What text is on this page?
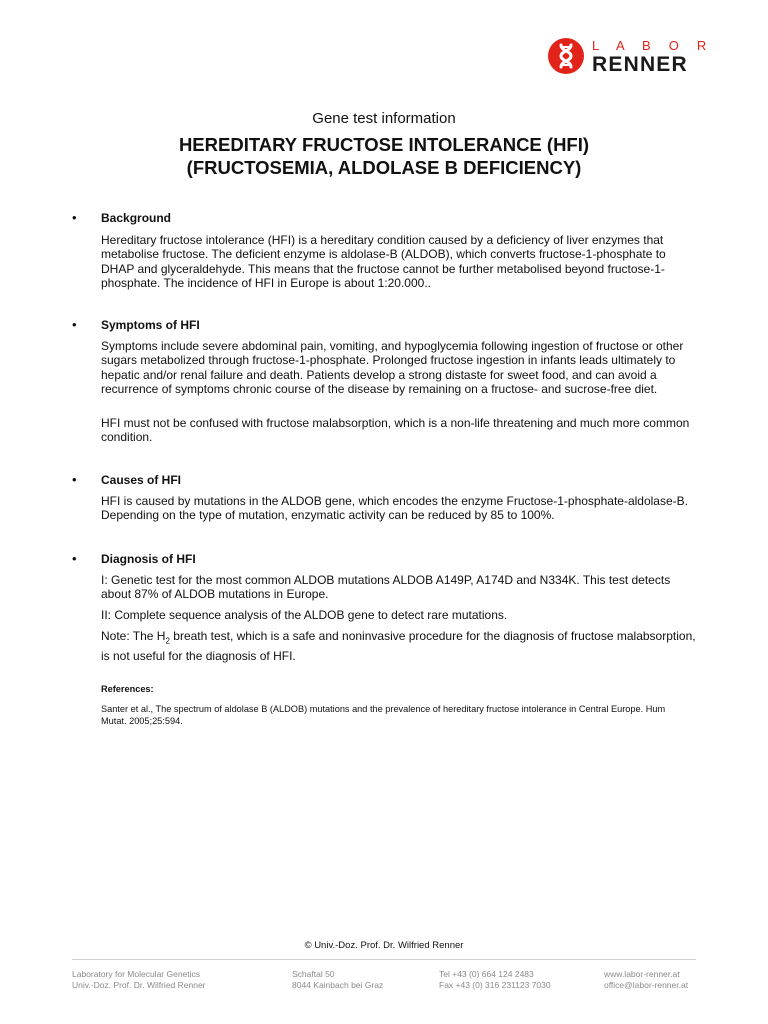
L A B O R
RENNER
Gene test information
HEREDITARY FRUCTOSE INTOLERANCE (HFI)
(FRUCTOSEMIA, ALDOLASE B DEFICIENCY)
• Background
Hereditary fructose intolerance (HFI) is a hereditary condition caused by a deficiency of liver enzymes that metabolise fructose. The deficient enzyme is aldolase-B (ALDOB), which converts fructose-1-phosphate to DHAP and glyceraldehyde. This means that the fructose cannot be further metabolised beyond fructose-1-phosphate. The incidence of HFI in Europe is about 1:20.000..
• Symptoms of HFI
Symptoms include severe abdominal pain, vomiting, and hypoglycemia following ingestion of fructose or other sugars metabolized through fructose-1-phosphate. Prolonged fructose ingestion in infants leads ultimately to hepatic and/or renal failure and death. Patients develop a strong distaste for sweet food, and can avoid a recurrence of symptoms chronic course of the disease by remaining on a fructose- and sucrose-free diet.
HFI must not be confused with fructose malabsorption, which is a non-life threatening and much more common condition.
• Causes of HFI
HFI is caused by mutations in the ALDOB gene, which encodes the enzyme Fructose-1-phosphate-aldolase-B. Depending on the type of mutation, enzymatic activity can be reduced by 85 to 100%.
• Diagnosis of HFI
I: Genetic test for the most common ALDOB mutations ALDOB A149P, A174D and N334K. This test detects about 87% of ALDOB mutations in Europe.
II: Complete sequence analysis of the ALDOB gene to detect rare mutations.
Note: The $H_2$ breath test, which is a safe and noninvasive procedure for the diagnosis of fructose malabsorption, is not useful for the diagnosis of HFI.
References:
Santer et al., The spectrum of aldolase B (ALDOB) mutations and the prevalence of hereditary fructose intolerance in Central Europe. Hum Mutat. 2005;25:594.
© Univ.-Doz. Prof. Dr. Wilfried Renner
Laboratory for Molecular Genetics
Univ.-Doz. Prof. Dr. Wilfried Renner
Schaftal 50
8044 Kainbach bei Graz
Tel +43 (0) 664 124 2483
Fax +43 (0) 316 231123 7030
www.labor-renner.at
office@labor-renner.at
